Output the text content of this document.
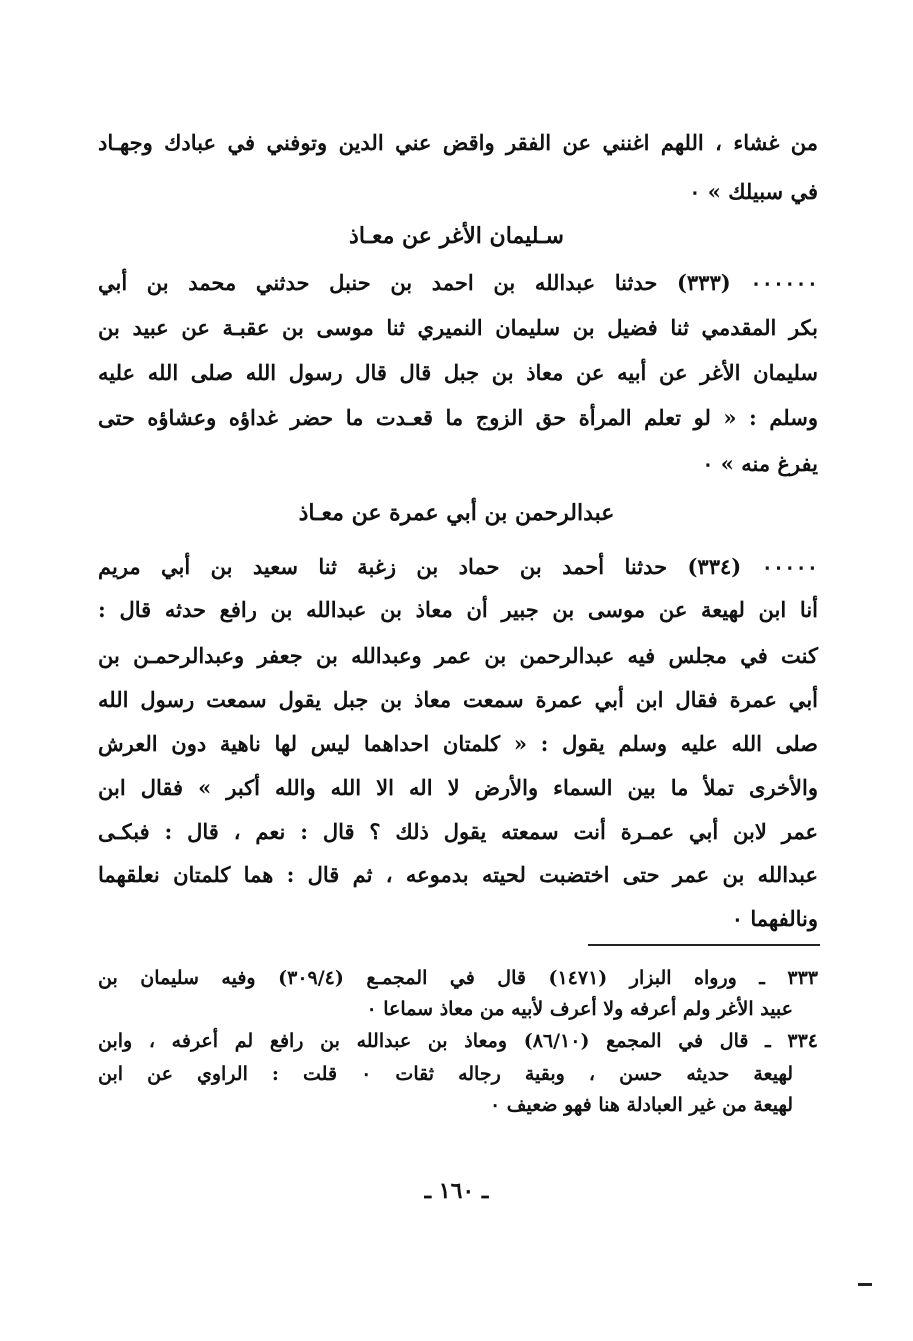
من غشاء ، اللهم اغنني عن الفقر واقض عني الدين وتوفني في عبادك وجهـاد
في سبيلك » ٠
سـليمان الأغر عن معـاذ
٠٠٠٠٠٠ (٣٣٣) حدثنا عبدالله بن احمد بن حنبل حدثني محمد بن أبي
بكر المقدمي ثنا فضيل بن سليمان النميري ثنا موسى بن عقبـة عن عبيد بن
سليمان الأغر عن أبيه عن معاذ بن جبل قال قال رسول الله صلى الله عليه
وسلم : « لو تعلم المرأة حق الزوج ما قعـدت ما حضر غداؤه وعشاؤه حتى
يفرغ منه » ٠
عبدالرحمن بن أبي عمرة عن معـاذ
٠٠٠٠٠ (٣٣٤) حدثنا أحمد بن حماد بن زغبة ثنا سعيد بن أبي مريم
أنا ابن لهيعة عن موسى بن جبير أن معاذ بن عبدالله بن رافع حدثه قال :
كنت في مجلس فيه عبدالرحمن بن عمر وعبدالله بن جعفر وعبدالرحمـن بن
أبي عمرة فقال ابن أبي عمرة سمعت معاذ بن جبل يقول سمعت رسول الله
صلى الله عليه وسلم يقول : « كلمتان احداهما ليس لها ناهية دون العرش
والأخرى تملأ ما بين السماء والأرض لا اله الا الله والله أكبر » فقال ابن
عمر لابن أبي عمـرة أنت سمعته يقول ذلك ؟ قال : نعم ، قال : فبكـى
عبدالله بن عمر حتى اختضبت لحيته بدموعه ، ثم قال : هما كلمتان نعلقهما
ونالفهما ٠
٣٣٣ ـ ورواه البزار (١٤٧١) قال في المجمـع (٣٠٩/٤) وفيه سليمان بن
عبيد الأغر ولم أعرفه ولا أعرف لأبيه من معاذ سماعا ٠
٣٣٤ ـ قال في المجمع (٨٦/١٠) ومعاذ بن عبدالله بن رافع لم أعرفه ، وابن
لهيعة حديثه حسن ، وبقية رجاله ثقات ٠ قلت : الراوي عن ابن
لهيعة من غير العبادلة هنا فهو ضعيف ٠
ـ ١٦٠ ـ
